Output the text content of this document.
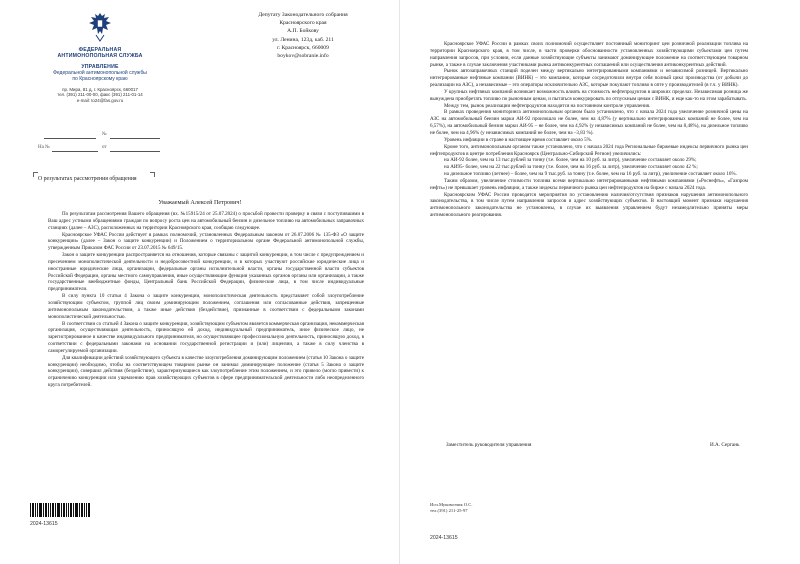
ФЕДЕРАЛЬНАЯ
АНТИМОНОПОЛЬНАЯ СЛУЖБА
УПРАВЛЕНИЕ
Федеральной антимонопольной службы
по Красноярскому краю
пр. Мира, 81 д, г. Красноярск, 660017
тел. (391) 211-00-00, факс (391) 211-01-14
e-mail: to24@fas.gov.ru
№
На №	от
Депутату Законодательного собрания
Красноярского края
А.П. Бойкову
ул. Ленина, 123д, каб. 211
г. Красноярск, 660009
boykov@sobranie.info
О результатах рассмотрения обращения
Уважаемый Алексей Петрович!

По результатам рассмотрения Вашего обращения (вх. №15915/24 от 25.07.2024) о просьбой провести проверку в связи с поступившими в Ваш адрес устными обращениями граждан по вопросу роста цен на автомобильный бензин и дизельное топливо на автомобильных заправочных станциях (далее – АЗС), расположенных на территории Красноярского края, сообщаю следующее.

Красноярское УФАС России действует в рамках полномочий, установленных Федеральным законом от 26.07.2006 № 135-ФЗ «О защите конкуренции» (далее – Закон о защите конкуренции) и Положением о территориальном органе Федеральной антимонопольной службы, утвержденным Приказом ФАС России от 23.07.2015 № 649/15.

Закон о защите конкуренции распространяется на отношения, которые связаны с защитой конкуренции, в том числе с предупреждением и пресечением монополистической деятельности и недобросовестной конкуренции, и в которых участвуют российские юридические лица и иностранные юридические лица, организации, федеральные органы исполнительной власти, органы государственной власти субъектов Российской Федерации, органы местного самоуправления, иные осуществляющие функции указанных органов органы или организации, а также государственные внебюджетные фонды, Центральный банк Российской Федерации, физические лица, в том числе индивидуальные предприниматели.

В силу пункта 10 статьи 4 Закона о защите конкуренции, монополистическая деятельность представляет собой злоупотребление хозяйствующим субъектом, группой лиц своим доминирующим положением, соглашения или согласованные действия, запрещенные антимонопольным законодательством, а также иные действия (бездействие), признанные в соответствии с федеральными законами монополистической деятельностью.

В соответствии со статьей 4 Закона о защите конкуренции, хозяйствующим субъектом является коммерческая организация, некоммерческая организация, осуществляющая деятельность, приносящую ей доход, индивидуальный предприниматель, иное физическое лицо, не зарегистрированное в качестве индивидуального предпринимателя, но осуществляющее профессиональную деятельность, приносящую доход, в соответствии с федеральными законами на основании государственной регистрации и (или) лицензии, а также в силу членства в саморегулируемой организации.

Для квалификации действий хозяйствующего субъекта в качестве злоупотребления доминирующим положением (статья 10 Закона о защите конкуренции) необходимо, чтобы на соответствующем товарном рынке он занимал доминирующее положение (статья 5 Закона о защите конкуренции), совершил действия (бездействие), характеризующиеся как злоупотребление этим положением, и это привело (могло привести) к ограничению конкуренции или ущемлению прав хозяйствующих субъектов в сфере предпринимательской деятельности либо неопределенного круга потребителей.

2024-13615

Красноярское УФАС России в рамках своих полномочий осуществляет постоянный мониторинг цен розничной реализации топлива на территории Красноярского края, в том числе, в части проверки обоснованности установленных хозяйствующими субъектами цен путем направления запросов, при условии, если данные хозяйствующие субъекты занимают доминирующее положение на соответствующем товарном рынке, а также в случае заключения участниками рынка антиконкурентных соглашений или осуществления антиконкурентных действий.

Рынок автозаправочных станций поделен между вертикально интегрированными компаниями и независимой розницей. Вертикально интегрированные нефтяные компании (ВИНК) – это компании, которые сосредоточили внутри себя полный цикл производства (от добычи до реализации на АЗС), а независимые – это операторы исключительно АЗС, которые покупают топливо в опте у производителей (в т.ч. у ВИНК).

У крупных нефтяных компаний возникает возможность влиять на стоимость нефтепродуктов в широких пределах. Независимая розница же вынуждена приобретать топливо по рыночным ценам, и пытаться конкурировать по отпускным ценам с ВИНК, и еще как-то на этом зарабатывать.

Между тем, рынок реализации нефтепродуктов находится на постоянном контроле управления.

В рамках проведения мониторинга антимонопольным органом было установлено, что с начала 2024 года увеличение розничной цены на АЗС на автомобильный бензин марки АИ-92 произошло не более, чем на 4,87% (у вертикально интегрированных компаний не более, чем на 6,57%), на автомобильный бензин марки АИ-95 – не более, чем на 4,92% (у независимых компаний не более, чем на 8,48%), на дизельное топливо не более, чем на 4,96% (у независимых компаний не более, чем на –3,83 %).

Уровень инфляции в стране в настоящее время составляет около 5%.

Кроме того, антимонопольным органом также установлено, что с начала 2024 года Региональные биржевые индексы первичного рынка цен нефтепродуктов в центре потребления Красноярск (Центрально-Сибирский Регион) увеличились:

на АИ-92 более, чем на 13 тыс.рублей за тонну (т.е. более, чем на 10 руб. за литр), увеличение составляет около 29%;

на АИ95- более, чем на 22 тыс.рублей за тонну (т.е. более, чем на 16 руб. за литр), увеличение составляет около 42 %;

на дизельное топливо (летнее) – более, чем на 9 тыс.руб. за тонну (т.е. более, чем на 16 руб. за литр), увеличение составляет около 16%.

Таким образом, увеличение стоимости топлива всеми вертикально интегрированными нефтяными компаниями («Роснефть», «Газпром нефть») не превышает уровень инфляции, а также индексы первичного рынка цен нефтепродуктов на бирже с начала 2024 года.

Красноярским УФАС России проводятся мероприятия по установлению наличия/отсутствия признаков нарушения антимонопольного законодательства, в том числе путем направления запросов в адрес хозяйствующих субъектов. В настоящий момент признаки нарушения антимонопольного законодательства не установлены, в случае их выявления управлением будут незамедлительно приняты меры антимонопольного реагирования.

Заместитель руководителя управления	И.А. Сергань
Исп.Муковозчик О.С.
тел.(391) 211-25-97
2024-13615
